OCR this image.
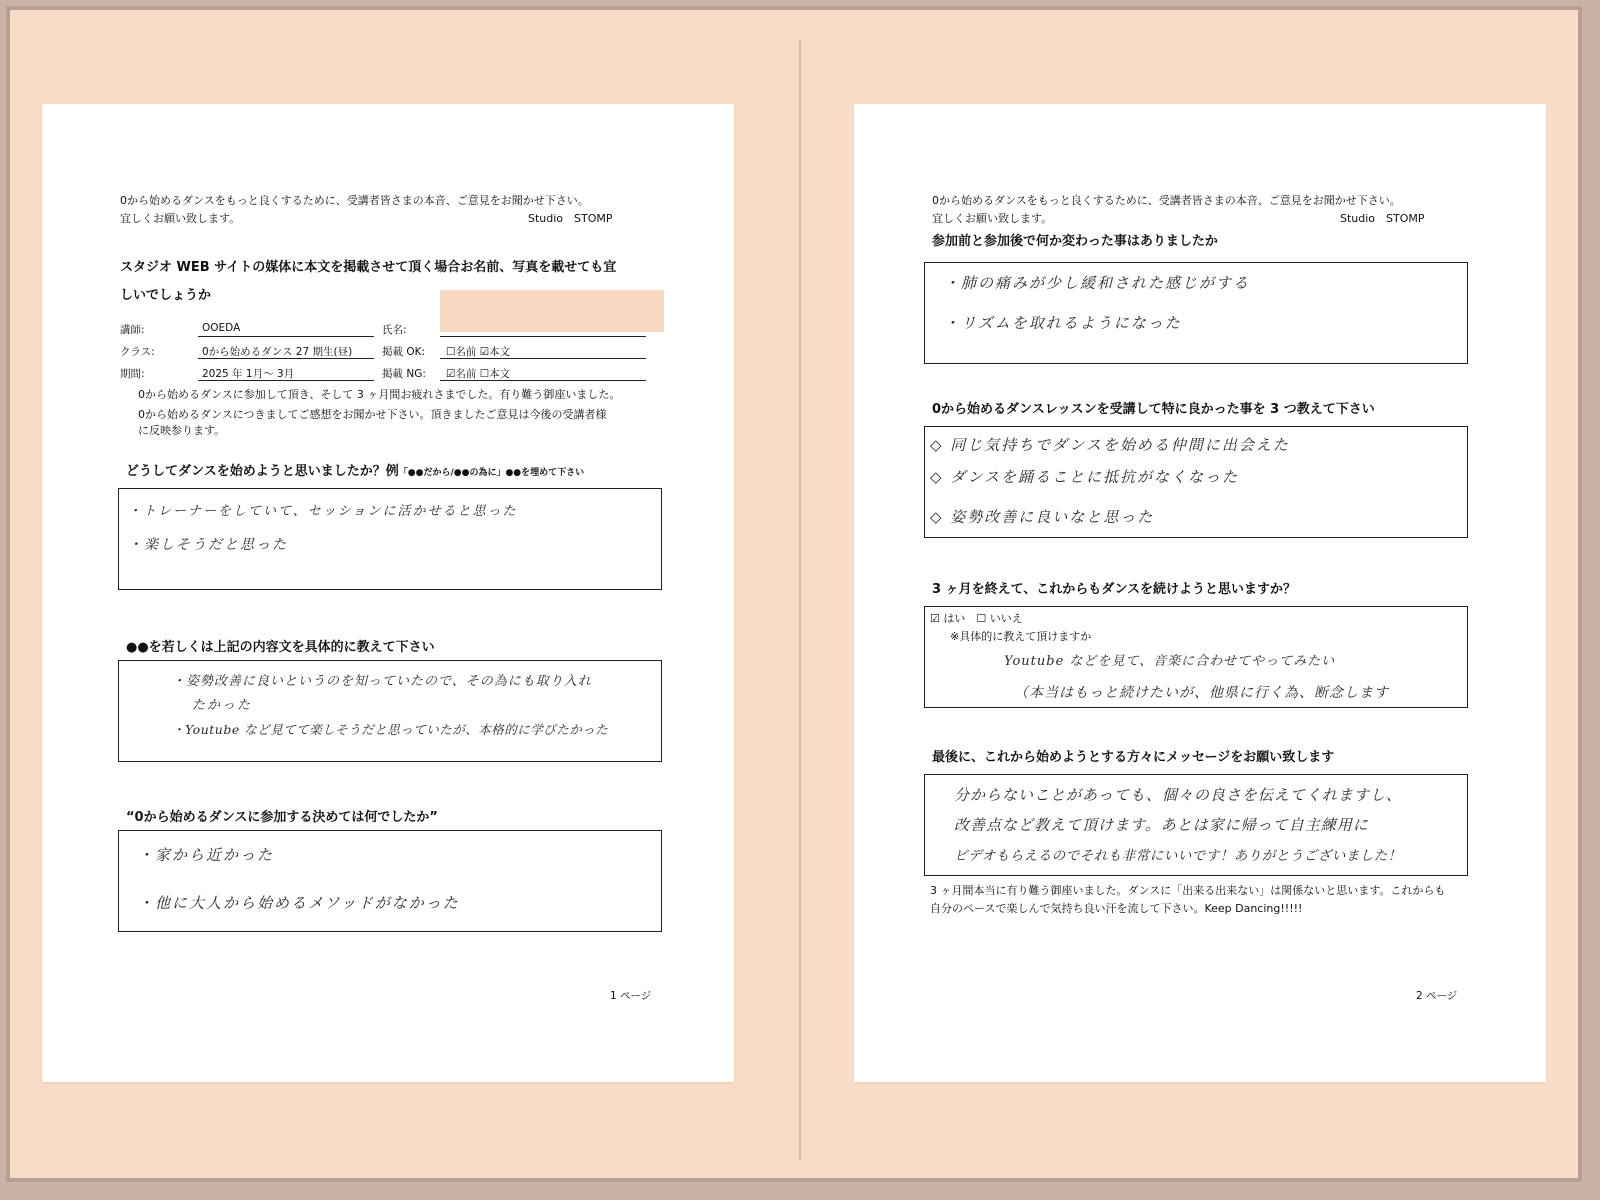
0から始めるダンスをもっと良くするために、受講者皆さまの本音、ご意見をお聞かせ下さい。
宜しくお願い致します。	Studio　STOMP
スタジオ WEB サイトの媒体に本文を掲載させて頂く場合お名前、写真を載せても宜
しいでしょうか
講師:	OOEDA	氏名:
クラス:	0から始めるダンス 27 期生(昼)	掲載 OK: ☐名前 ☑本文
期間:	2025 年 1月～ 3月	掲載 NG: ☑名前 ☐本文
0から始めるダンスに参加して頂き、そして 3 ヶ月間お疲れさまでした。有り難う御座いました。
0から始めるダンスにつきましてご感想をお聞かせ下さい。頂きましたご意見は今後の受講者様
に反映参ります。
どうしてダンスを始めようと思いましたか？例「●●だから/●●の為に」●●を埋めて下さい
・トレーナーをしていて、セッションに活かせると思った
・楽しそうだと思った
●●を若しくは上記の内容文を具体的に教えて下さい
・姿勢改善に良いというのを知っていたので、その為にも取り入れ
たかった
・Youtube など見てて楽しそうだと思っていたが、本格的に学びたかった
“0から始めるダンスに参加する決めては何でしたか”
・家から近かった
・他に大人から始めるメソッドがなかった
1 ページ
0から始めるダンスをもっと良くするために、受講者皆さまの本音、ご意見をお聞かせ下さい。
宜しくお願い致します。	Studio　STOMP
参加前と参加後で何か変わった事はありましたか
・肺の痛みが少し緩和された感じがする
・リズムを取れるようになった
0から始めるダンスレッスンを受講して特に良かった事を 3 つ教えて下さい
◇ 同じ気持ちでダンスを始める仲間に出会えた
◇ ダンスを踊ることに抵抗がなくなった
◇ 姿勢改善に良いなと思った
3 ヶ月を終えて、これからもダンスを続けようと思いますか？
☑ はい　☐ いいえ
※具体的に教えて頂けますか
Youtube などを見て、音楽に合わせてやってみたい
（本当はもっと続けたいが、他県に行く為、断念します
最後に、これから始めようとする方々にメッセージをお願い致します
分からないことがあっても、個々の良さを伝えてくれますし、
改善点など教えて頂けます。あとは家に帰って自主練用に
ビデオもらえるのでそれも非常にいいです！ありがとうございました！
3 ヶ月間本当に有り難う御座いました。ダンスに「出来る出来ない」は関係ないと思います。これからも
自分のペースで楽しんで気持ち良い汗を流して下さい。Keep Dancing!!!!!
2 ページ
